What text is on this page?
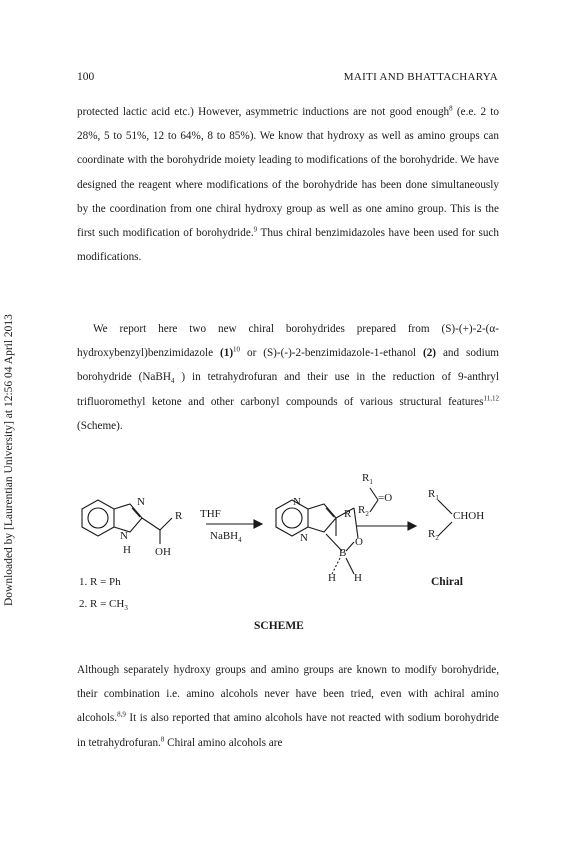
100	MAITI AND BHATTACHARYA
Downloaded by [Laurentian University] at 12:56 04 April 2013

protected lactic acid etc.) However, asymmetric inductions are not good enough$^8$ (e.e. 2 to 28%, 5 to 51%, 12 to 64%, 8 to 85%). We know that hydroxy as well as amino groups can coordinate with the borohydride moiety leading to modifications of the borohydride. We have designed the reagent where modifications of the borohydride has been done simultaneously by the coordination from one chiral hydroxy group as well as one amino group. This is the first such modification of borohydride.$^9$ Thus chiral benzimidazoles have been used for such modifications.

We report here two new chiral borohydrides prepared from (S)-(+)-2-(α-hydroxybenzyl)benzimidazole $(1)^{10}$ or (S)-(-)-2-benzimidazole-1-ethanol (2) and sodium borohydride (NaBH$_4$ ) in tetrahydrofuran and their use in the reduction of 9-anthryl trifluoromethyl ketone and other carbonyl compounds of various structural features$^{11,12}$ (Scheme).

N
N
H OH
R THF
NaBH$_4$
N
N
B
O
R
H H
$R_1$
=O
$R_2$
$R_1$
CHOH
$R_2$
1. R = Ph
2. $R = CH_3$
Chiral
SCHEME

Although separately hydroxy groups and amino groups are known to modify borohydride, their combination i.e. amino alcohols never have been tried, even with achiral amino alcohols.$^{8,9}$ It is also reported that amino alcohols have not reacted with sodium borohydride in tetrahydrofuran.$^8$ Chiral amino alcohols are
